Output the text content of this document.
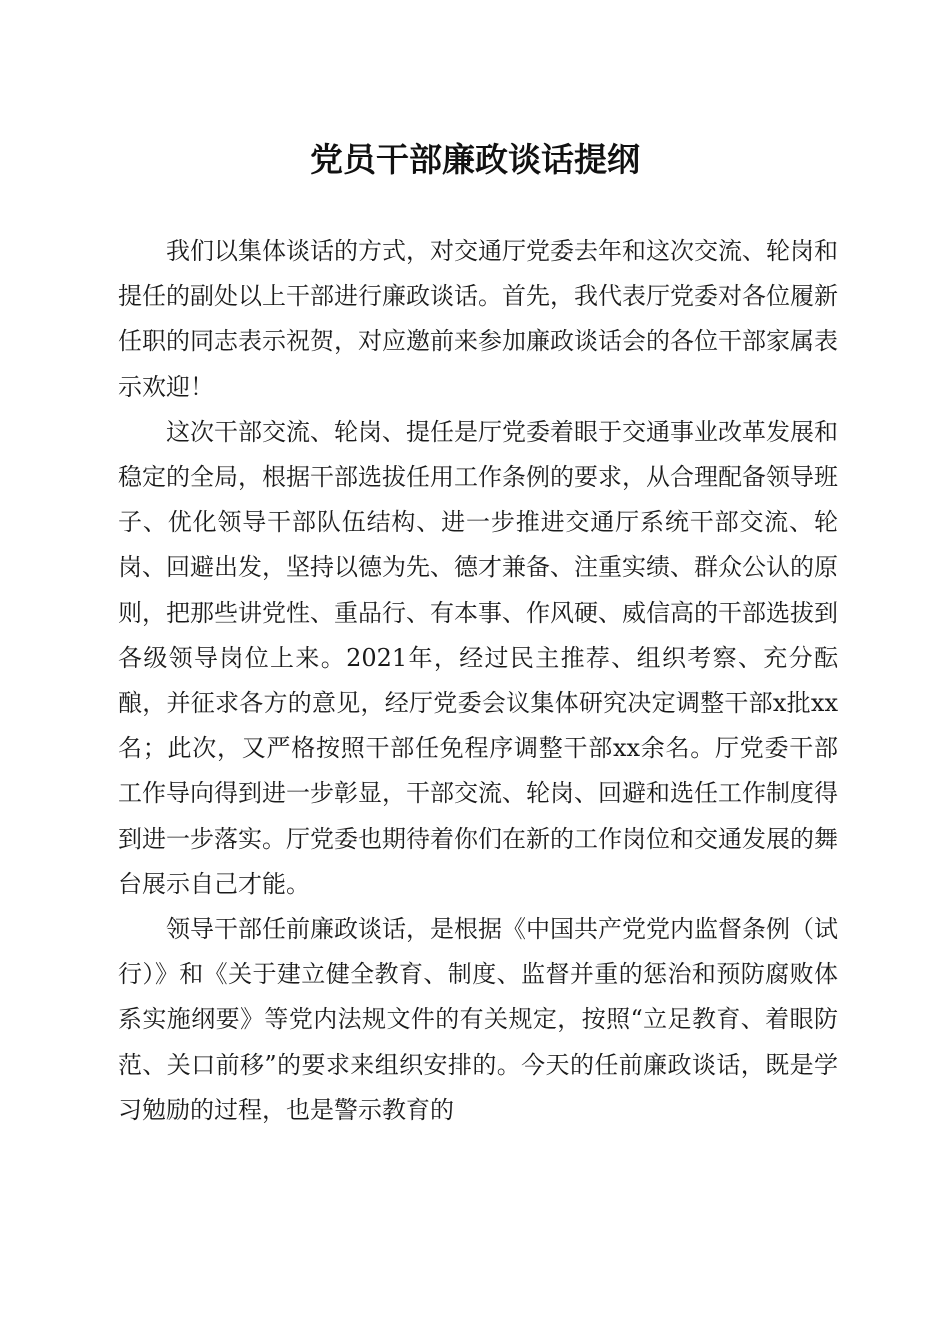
党员干部廉政谈话提纲

我们以集体谈话的方式，对交通厅党委去年和这次交流、轮岗和提任的副处以上干部进行廉政谈话。首先，我代表厅党委对各位履新任职的同志表示祝贺，对应邀前来参加廉政谈话会的各位干部家属表示欢迎！

这次干部交流、轮岗、提任是厅党委着眼于交通事业改革发展和稳定的全局，根据干部选拔任用工作条例的要求，从合理配备领导班子、优化领导干部队伍结构、进一步推进交通厅系统干部交流、轮岗、回避出发，坚持以德为先、德才兼备、注重实绩、群众公认的原则，把那些讲党性、重品行、有本事、作风硬、威信高的干部选拔到各级领导岗位上来。2021年，经过民主推荐、组织考察、充分酝酿，并征求各方的意见，经厅党委会议集体研究决定调整干部x批xx名；此次，又严格按照干部任免程序调整干部xx余名。厅党委干部工作导向得到进一步彰显，干部交流、轮岗、回避和选任工作制度得到进一步落实。厅党委也期待着你们在新的工作岗位和交通发展的舞台展示自己才能。

领导干部任前廉政谈话，是根据《中国共产党党内监督条例（试行）》和《关于建立健全教育、制度、监督并重的惩治和预防腐败体系实施纲要》等党内法规文件的有关规定，按照“立足教育、着眼防范、关口前移”的要求来组织安排的。今天的任前廉政谈话，既是学习勉励的过程，也是警示教育的
